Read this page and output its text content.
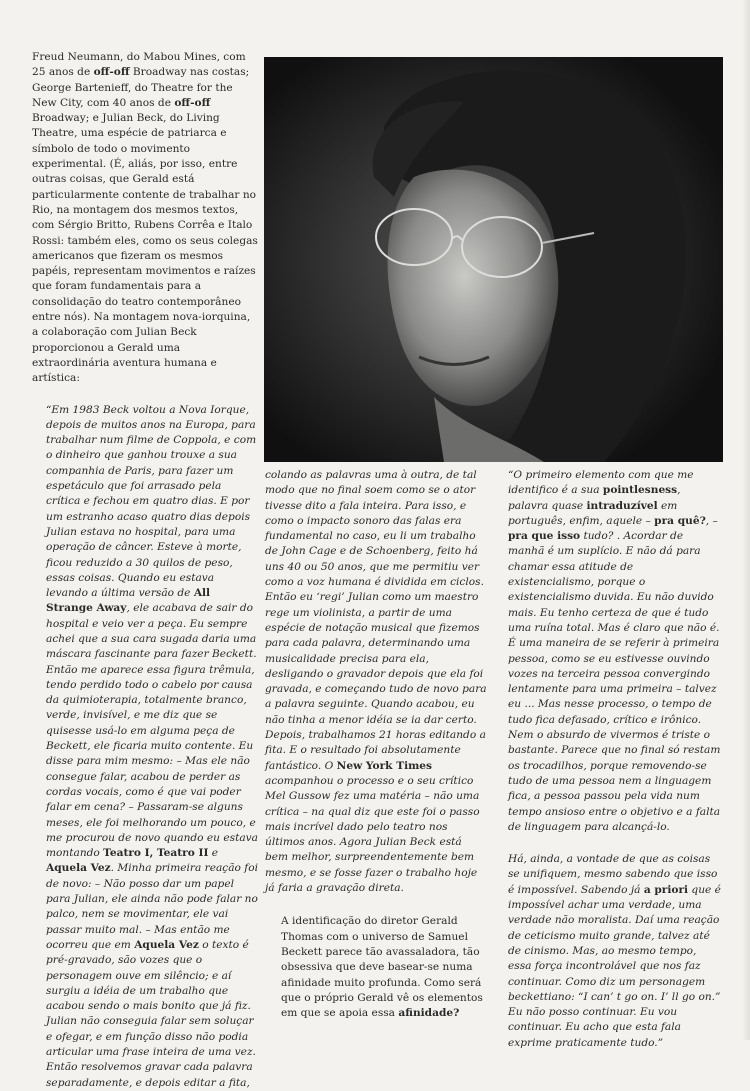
Freud Neumann, do Mabou Mines, com 25 anos de off-off Broadway nas costas; George Bartenieff, do Theatre for the New City, com 40 anos de off-off Broadway; e Julian Beck, do Living Theatre, uma espécie de patriarca e símbolo de todo o movimento experimental. (É, aliás, por isso, entre outras coisas, que Gerald está particularmente contente de trabalhar no Rio, na montagem dos mesmos textos, com Sérgio Britto, Rubens Corrêa e Italo Rossi: também eles, como os seus colegas americanos que fizeram os mesmos papéis, representam movimentos e raízes que foram fundamentais para a consolidação do teatro contemporâneo entre nós). Na montagem nova-iorquina, a colaboração com Julian Beck proporcionou a Gerald uma extraordinária aventura humana e artística:

“Em 1983 Beck voltou a Nova Iorque, depois de muitos anos na Europa, para trabalhar num filme de Coppola, e com o dinheiro que ganhou trouxe a sua companhia de Paris, para fazer um espetáculo que foi arrasado pela crítica e fechou em quatro dias. E por um estranho acaso quatro dias depois Julian estava no hospital, para uma operação de câncer. Esteve à morte, ficou reduzido a 30 quilos de peso, essas coisas. Quando eu estava levando a última versão de All Strange Away, ele acabava de sair do hospital e veio ver a peça. Eu sempre achei que a sua cara sugada daria uma máscara fascinante para fazer Beckett. Então me aparece essa figura trêmula, tendo perdido todo o cabelo por causa da quimioterapia, totalmente branco, verde, invisível, e me diz que se quisesse usá-lo em alguma peça de Beckett, ele ficaria muito contente. Eu disse para mim mesmo: – Mas ele não consegue falar, acabou de perder as cordas vocais, como é que vai poder falar em cena? – Passaram-se alguns meses, ele foi melhorando um pouco, e me procurou de novo quando eu estava montando Teatro I, Teatro II e Aquela Vez. Minha primeira reação foi de novo: – Não posso dar um papel para Julian, ele ainda não pode falar no palco, nem se movimentar, ele vai passar muito mal. – Mas então me ocorreu que em Aquela Vez o texto é pré-gravado, são vozes que o personagem ouve em silêncio; e aí surgiu a idéia de um trabalho que acabou sendo o mais bonito que já fiz. Julian não conseguia falar sem soluçar e ofegar, e em função disso não podia articular uma frase inteira de uma vez. Então resolvemos gravar cada palavra separadamente, e depois editar a fita,

colando as palavras uma à outra, de tal modo que no final soem como se o ator tivesse dito a fala inteira. Para isso, e como o impacto sonoro das falas era fundamental no caso, eu li um trabalho de John Cage e de Schoenberg, feito há uns 40 ou 50 anos, que me permitiu ver como a voz humana é dividida em ciclos. Então eu ‘regi’ Julian como um maestro rege um violinista, a partir de uma espécie de notação musical que fizemos para cada palavra, determinando uma musicalidade precisa para ela, desligando o gravador depois que ela foi gravada, e começando tudo de novo para a palavra seguinte. Quando acabou, eu não tinha a menor idéia se ia dar certo. Depois, trabalhamos 21 horas editando a fita. E o resultado foi absolutamente fantástico. O New York Times acompanhou o processo e o seu crítico Mel Gussow fez uma matéria – não uma crítica – na qual diz que este foi o passo mais incrível dado pelo teatro nos últimos anos. Agora Julian Beck está bem melhor, surpreendentemente bem mesmo, e se fosse fazer o trabalho hoje já faria a gravação direta.

A identificação do diretor Gerald Thomas com o universo de Samuel Beckett parece tão avassaladora, tão obsessiva que deve basear-se numa afinidade muito profunda. Como será que o próprio Gerald vê os elementos em que se apoia essa afinidade?

“O primeiro elemento com que me identifico é a sua pointlesness, palavra quase intraduzível em português, enfim, aquele – pra quê?, – pra que isso tudo? . Acordar de manhã é um suplício. E não dá para chamar essa atitude de existencialismo, porque o existencialismo duvida. Eu não duvido mais. Eu tenho certeza de que é tudo uma ruína total. Mas é claro que não é. É uma maneira de se referir à primeira pessoa, como se eu estivesse ouvindo vozes na terceira pessoa convergindo lentamente para uma primeira – talvez eu ... Mas nesse processo, o tempo de tudo fica defasado, crítico e irônico. Nem o absurdo de vivermos é triste o bastante. Parece que no final só restam os trocadilhos, porque removendo-se tudo de uma pessoa nem a linguagem fica, a pessoa passou pela vida num tempo ansioso entre o objetivo e a falta de linguagem para alcançá-lo.

Há, ainda, a vontade de que as coisas se unifiquem, mesmo sabendo que isso é impossível. Sabendo já a priori que é impossível achar uma verdade, uma verdade não moralista. Daí uma reação de ceticismo muito grande, talvez até de cinismo. Mas, ao mesmo tempo, essa força incontrolável que nos faz continuar. Como diz um personagem beckettiano: “I can’ t go on. I’ ll go on.” Eu não posso continuar. Eu vou continuar. Eu acho que esta fala exprime praticamente tudo.”
